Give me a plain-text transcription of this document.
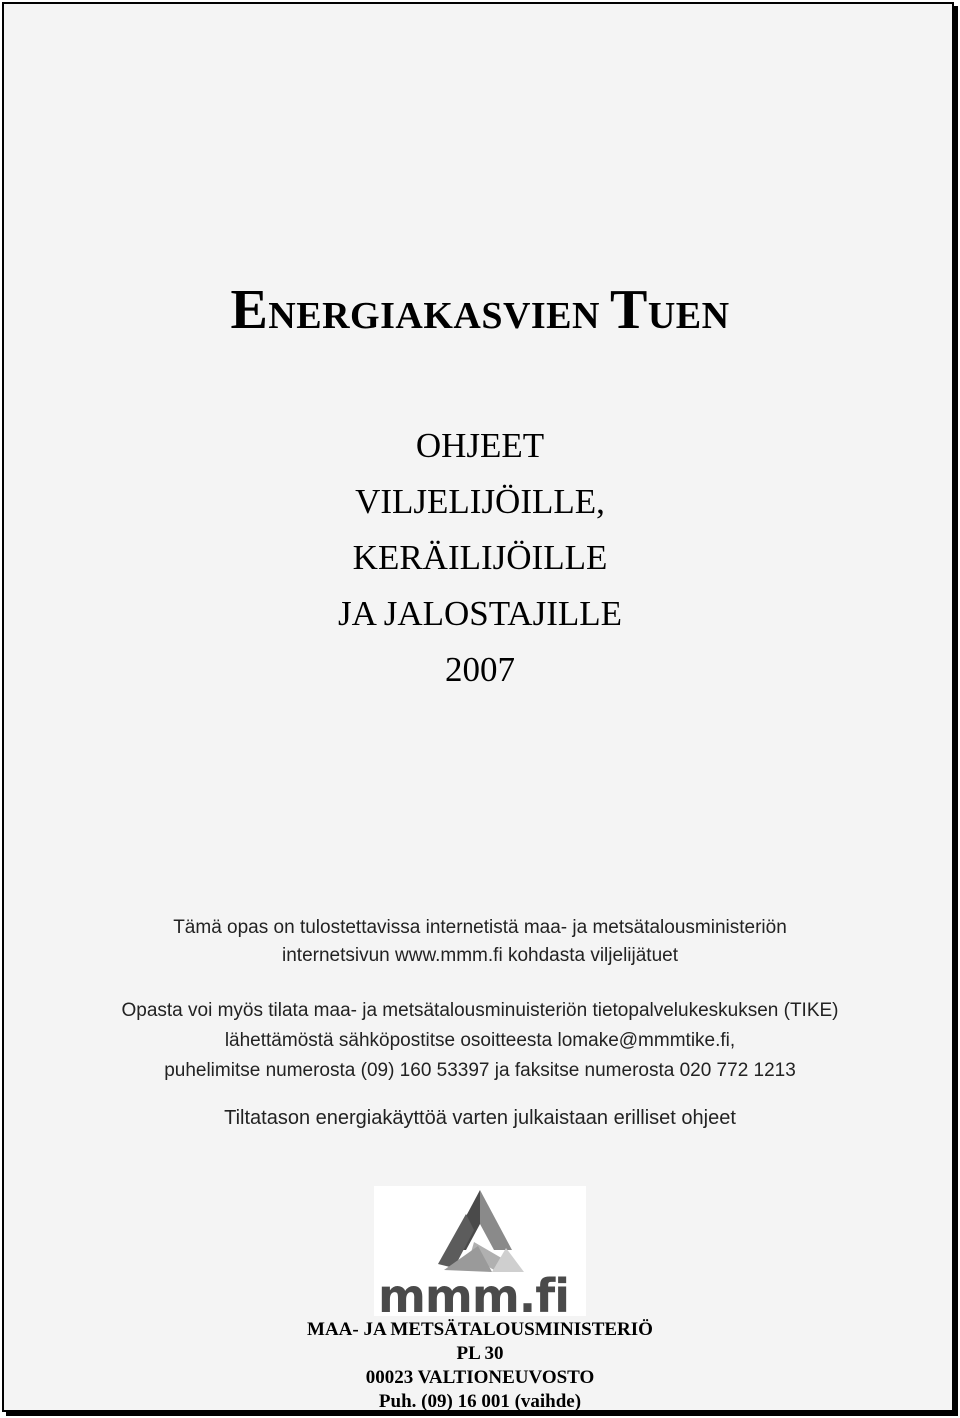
ENERGIAKASVIEN TUEN
OHJEET
VILJELIJÖILLE,
KERÄILIJÖILLE
JA JALOSTAJILLE
2007
Tämä opas on tulostettavissa internetistä maa- ja metsätalousministeriön
internetsivun www.mmm.fi kohdasta viljelijätuet
Opasta voi myös tilata maa- ja metsätalousminuisteriön tietopalvelukeskuksen (TIKE)
lähettämöstä sähköpostitse osoitteesta lomake@mmmtike.fi,
puhelimitse numerosta (09) 160 53397 ja faksitse numerosta 020 772 1213
Tiltatason energiakäyttöä varten julkaistaan erilliset ohjeet
mmm.fi
MAA- JA METSÄTALOUSMINISTERIÖ
PL 30
00023 VALTIONEUVOSTO
Puh. (09) 16 001 (vaihde)
